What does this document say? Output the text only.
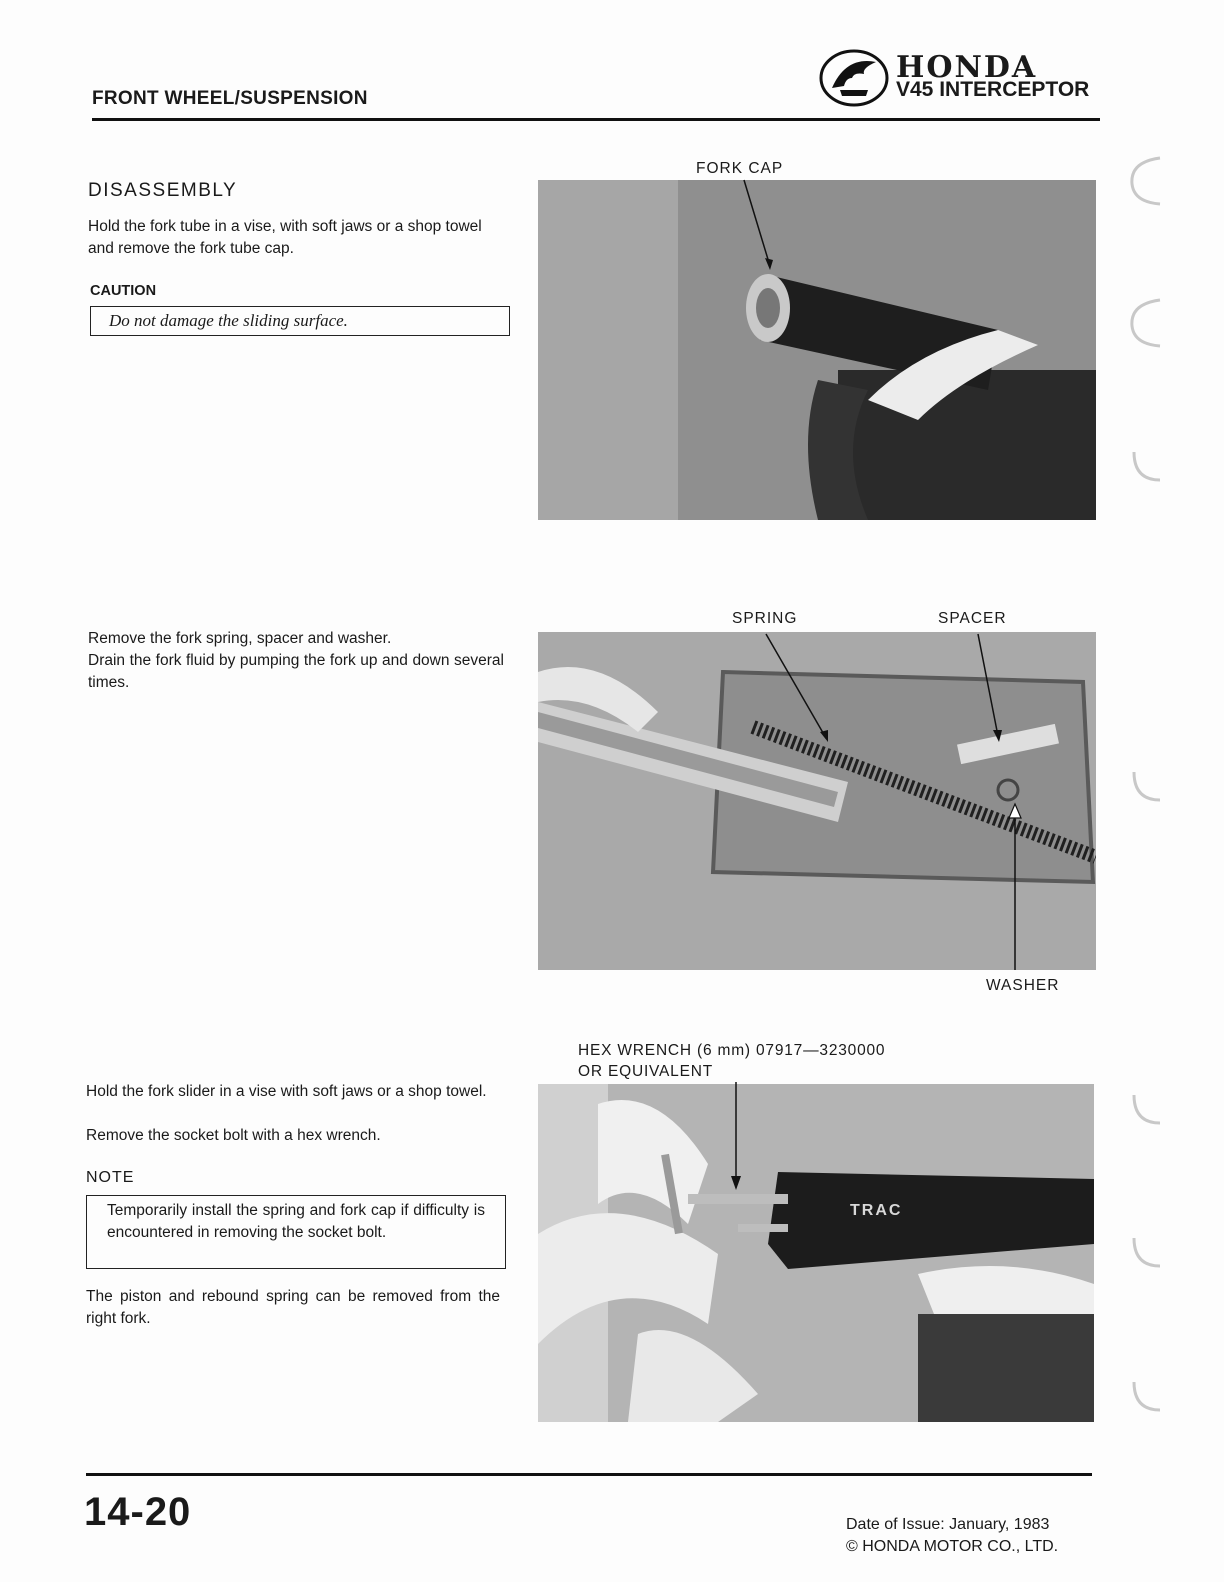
FRONT WHEEL/SUSPENSION
HONDA
V45 INTERCEPTOR
DISASSEMBLY
Hold the fork tube in a vise, with soft jaws or a shop towel and remove the fork tube cap.
CAUTION
Do not damage the sliding surface.
FORK CAP
Remove the fork spring, spacer and washer.
Drain the fork fluid by pumping the fork up and down several times.
SPRING	SPACER
WASHER
HEX WRENCH (6 mm) 07917—3230000
OR EQUIVALENT
Hold the fork slider in a vise with soft jaws or a shop towel.
Remove the socket bolt with a hex wrench.
NOTE
Temporarily install the spring and fork cap if difficulty is encountered in removing the socket bolt.
The piston and rebound spring can be removed from the right fork.
TRAC
14-20	Date of Issue: January, 1983
© HONDA MOTOR CO., LTD.
